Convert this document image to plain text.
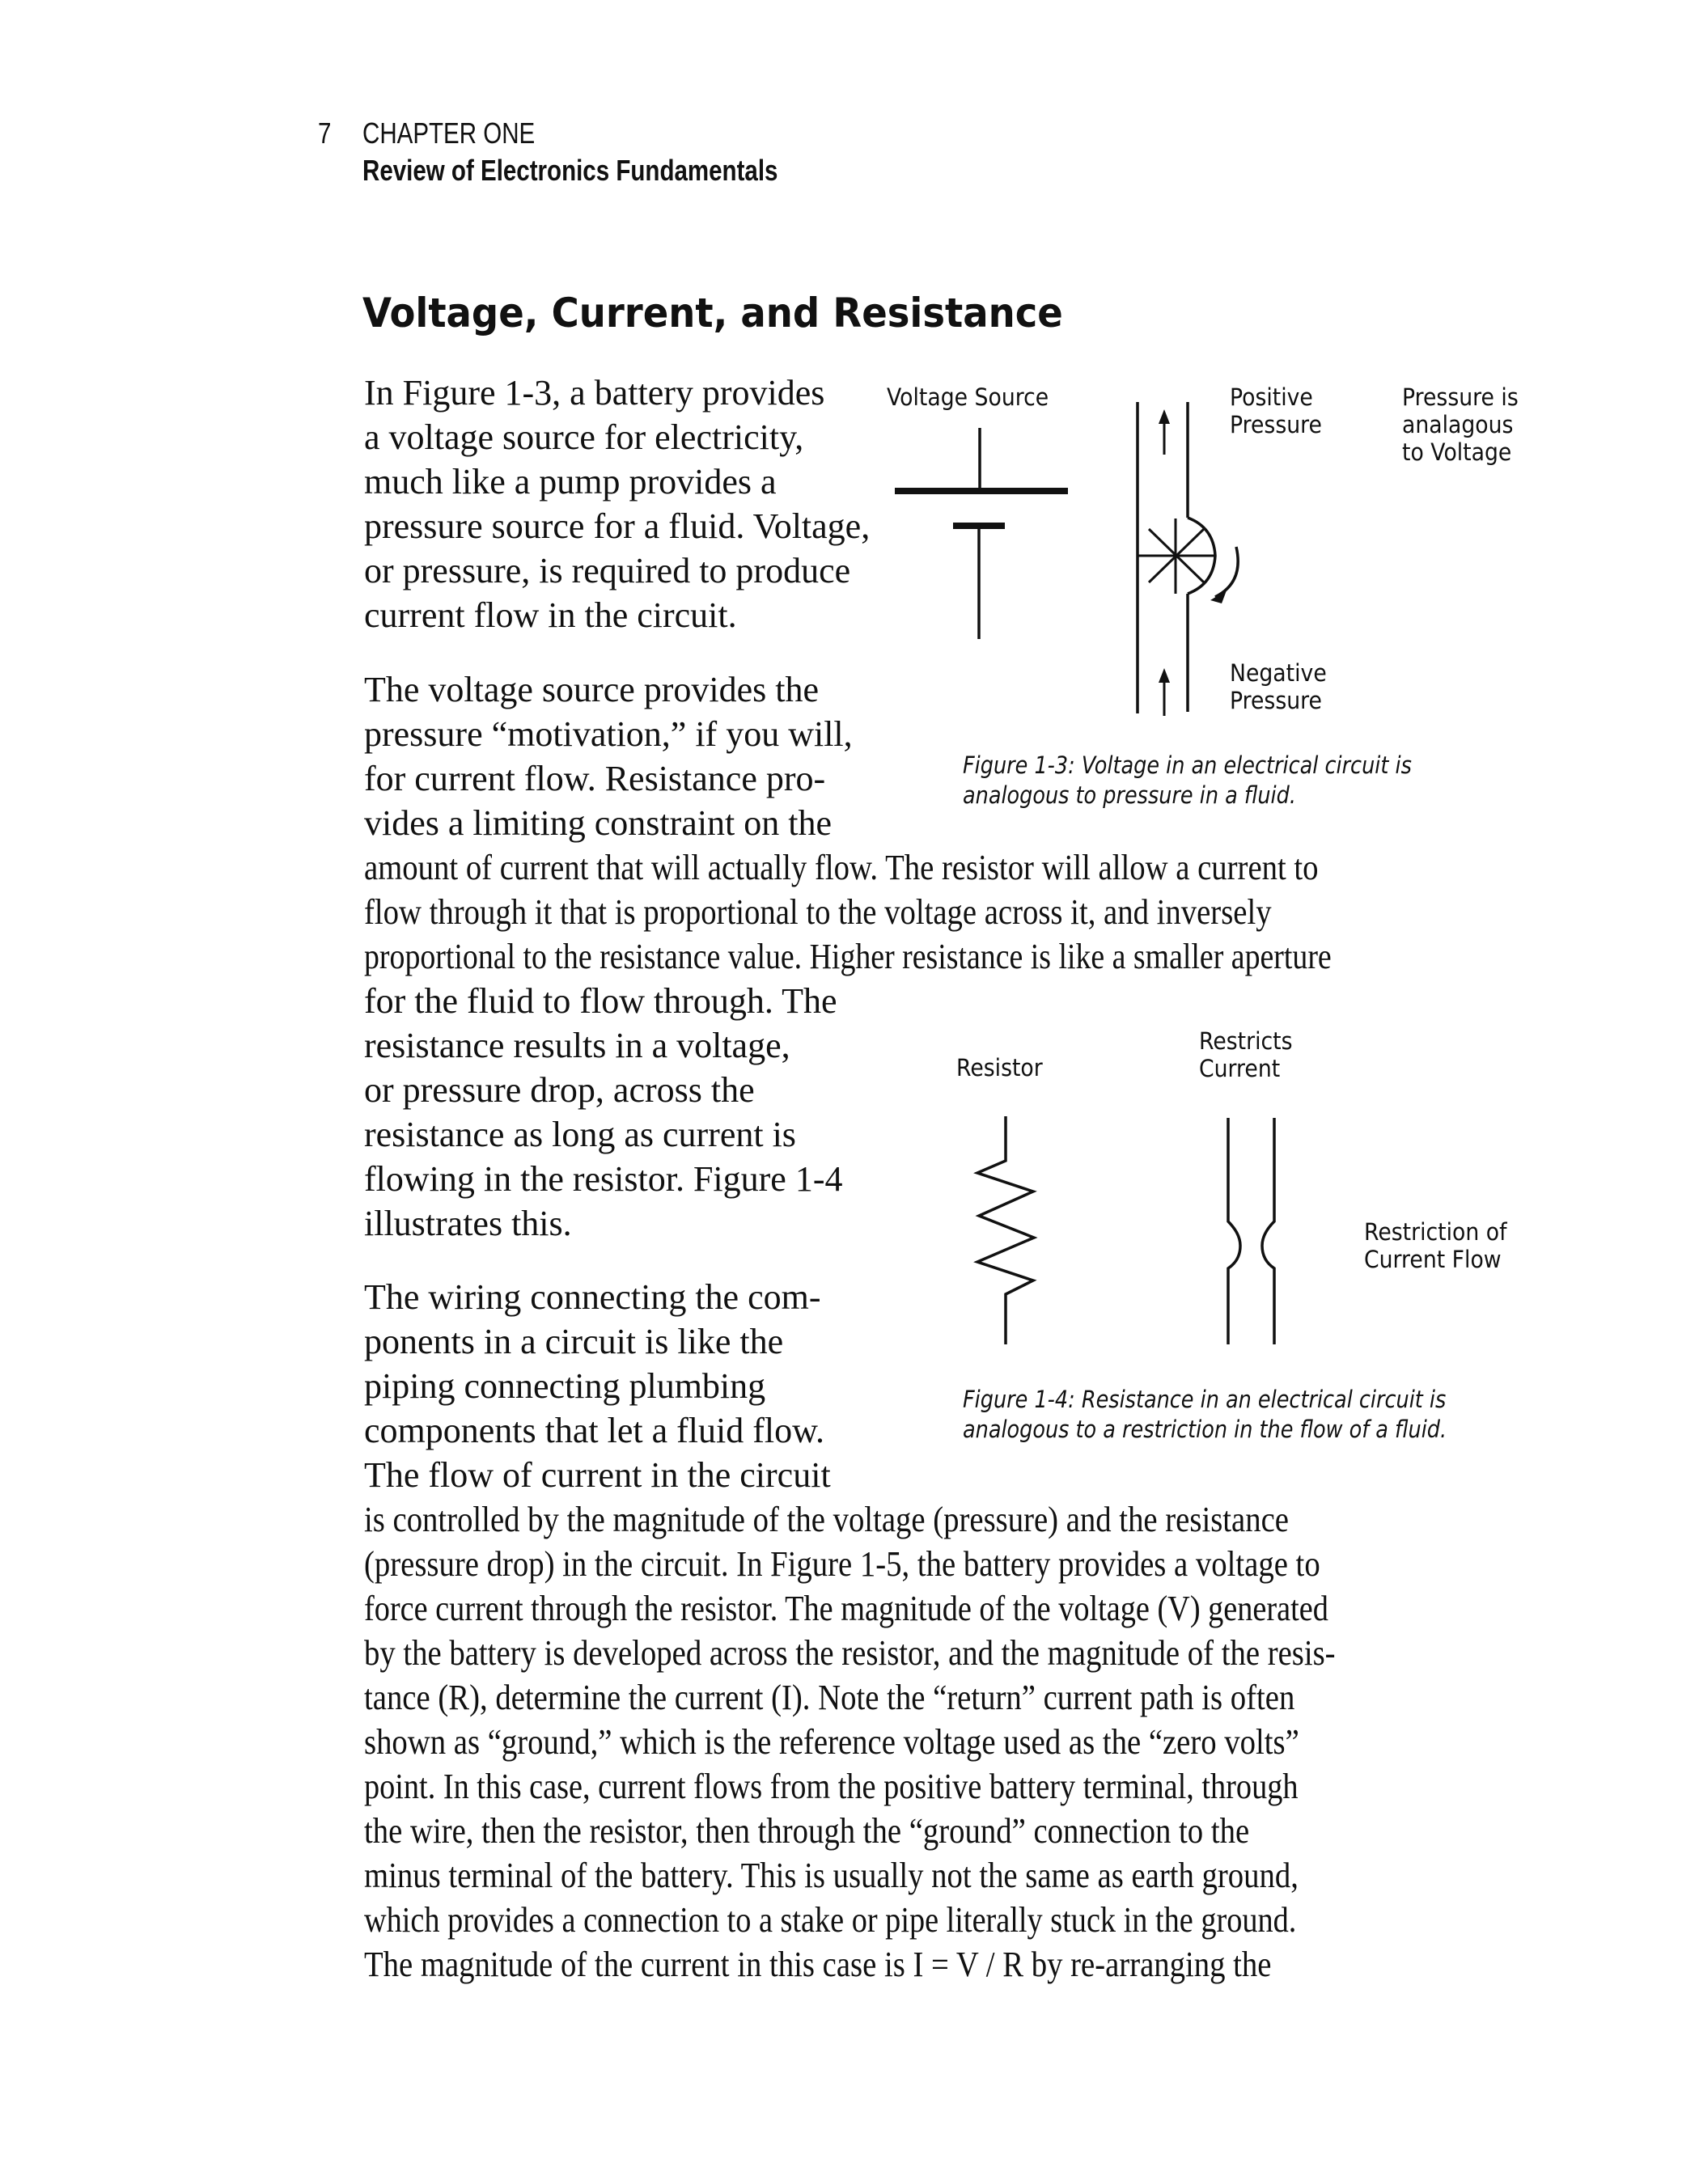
7 CHAPTER ONE
Review of Electronics Fundamentals
Voltage, Current, and Resistance
In Figure 1-3, a battery provides
a voltage source for electricity,
much like a pump provides a
pressure source for a fluid. Voltage,
or pressure, is required to produce
current flow in the circuit.
The voltage source provides the
pressure “motivation,” if you will,
for current flow. Resistance pro-
vides a limiting constraint on the
amount of current that will actually flow. The resistor will allow a current to
flow through it that is proportional to the voltage across it, and inversely
proportional to the resistance value. Higher resistance is like a smaller aperture
for the fluid to flow through. The
resistance results in a voltage,
or pressure drop, across the
resistance as long as current is
flowing in the resistor. Figure 1-4
illustrates this.
The wiring connecting the com-
ponents in a circuit is like the
piping connecting plumbing
components that let a fluid flow.
The flow of current in the circuit
is controlled by the magnitude of the voltage (pressure) and the resistance
(pressure drop) in the circuit. In Figure 1-5, the battery provides a voltage to
force current through the resistor. The magnitude of the voltage (V) generated
by the battery is developed across the resistor, and the magnitude of the resis-
tance (R), determine the current (I). Note the “return” current path is often
shown as “ground,” which is the reference voltage used as the “zero volts”
point. In this case, current flows from the positive battery terminal, through
the wire, then the resistor, then through the “ground” connection to the
minus terminal of the battery. This is usually not the same as earth ground,
which provides a connection to a stake or pipe literally stuck in the ground.
The magnitude of the current in this case is I = V / R by re-arranging the
Voltage Source	Positive
Pressure
Pressure is
analagous
to Voltage
Negative
Pressure
Figure 1-3: Voltage in an electrical circuit is
analogous to pressure in a fluid.
Resistor
Restricts
Current
Restriction of
Current Flow
Figure 1-4: Resistance in an electrical circuit is
analogous to a restriction in the flow of a fluid.
